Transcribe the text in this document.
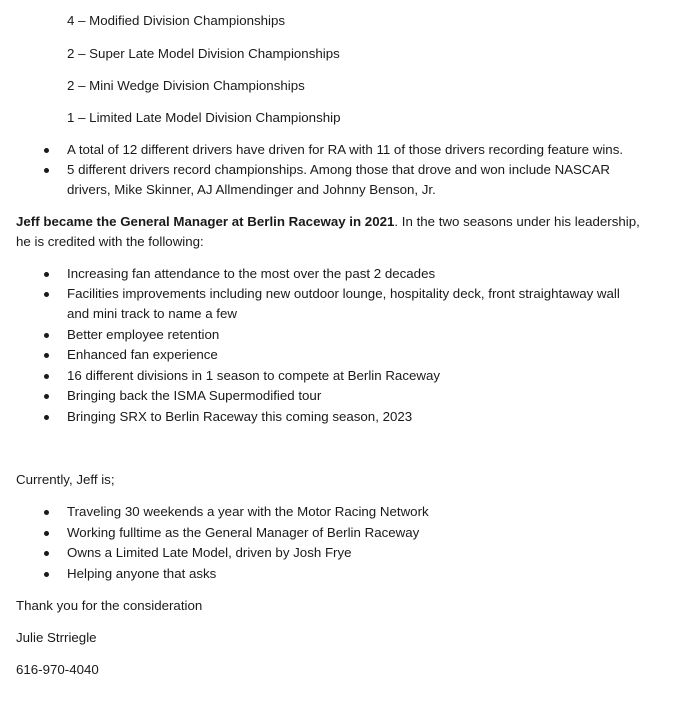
4 – Modified Division Championships
2 – Super Late Model Division Championships
2 – Mini Wedge Division Championships
1 – Limited Late Model Division Championship
A total of 12 different drivers have driven for RA with 11 of those drivers recording feature wins.
5 different drivers record championships. Among those that drove and won include NASCAR
drivers, Mike Skinner, AJ Allmendinger and Johnny Benson, Jr.
Jeff became the General Manager at Berlin Raceway in 2021. In the two seasons under his leadership,
he is credited with the following:
Increasing fan attendance to the most over the past 2 decades
Facilities improvements including new outdoor lounge, hospitality deck, front straightaway wall
and mini track to name a few
Better employee retention
Enhanced fan experience
16 different divisions in 1 season to compete at Berlin Raceway
Bringing back the ISMA Supermodified tour
Bringing SRX to Berlin Raceway this coming season, 2023
Currently, Jeff is;
Traveling 30 weekends a year with the Motor Racing Network
Working fulltime as the General Manager of Berlin Raceway
Owns a Limited Late Model, driven by Josh Frye
Helping anyone that asks
Thank you for the consideration
Julie Strriegle
616-970-4040
